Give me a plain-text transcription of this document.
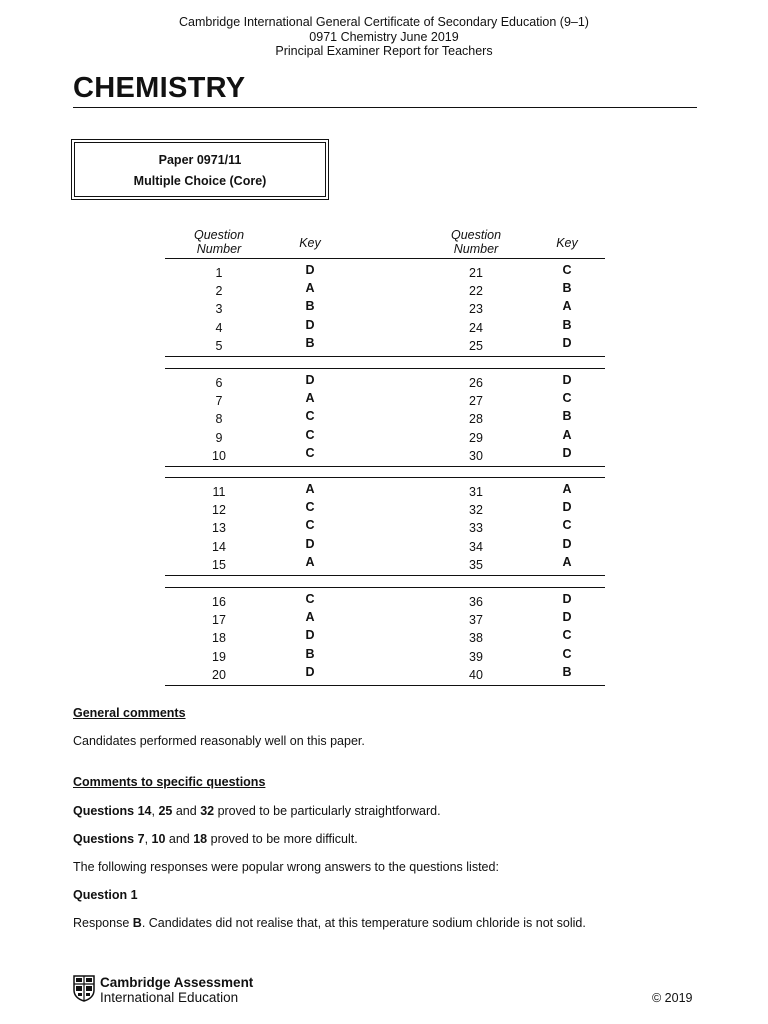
Cambridge International General Certificate of Secondary Education (9–1)
0971 Chemistry June 2019
Principal Examiner Report for Teachers
CHEMISTRY
Paper 0971/11
Multiple Choice (Core)
Question
Number	Key
Question
Number	Key
1	D	21	C
2	A	22	B
3	B	23	A
4	D	24	B
5	B	25	D
6	D	26	D
7	A	27	C
8	C	28	B
9	C	29	A
10	C	30	D
11	A	31	A
12	C	32	D
13	C	33	C
14	D	34	D
15	A	35	A
16	C	36	D
17	A	37	D
18	D	38	C
19	B	39	C
20	D	40	B
General comments
Candidates performed reasonably well on this paper.
Comments to specific questions
Questions 14, 25 and 32 proved to be particularly straightforward.
Questions 7, 10 and 18 proved to be more difficult.
The following responses were popular wrong answers to the questions listed:
Question 1
Response B. Candidates did not realise that, at this temperature sodium chloride is not solid.
Cambridge Assessment
International Education	© 2019
